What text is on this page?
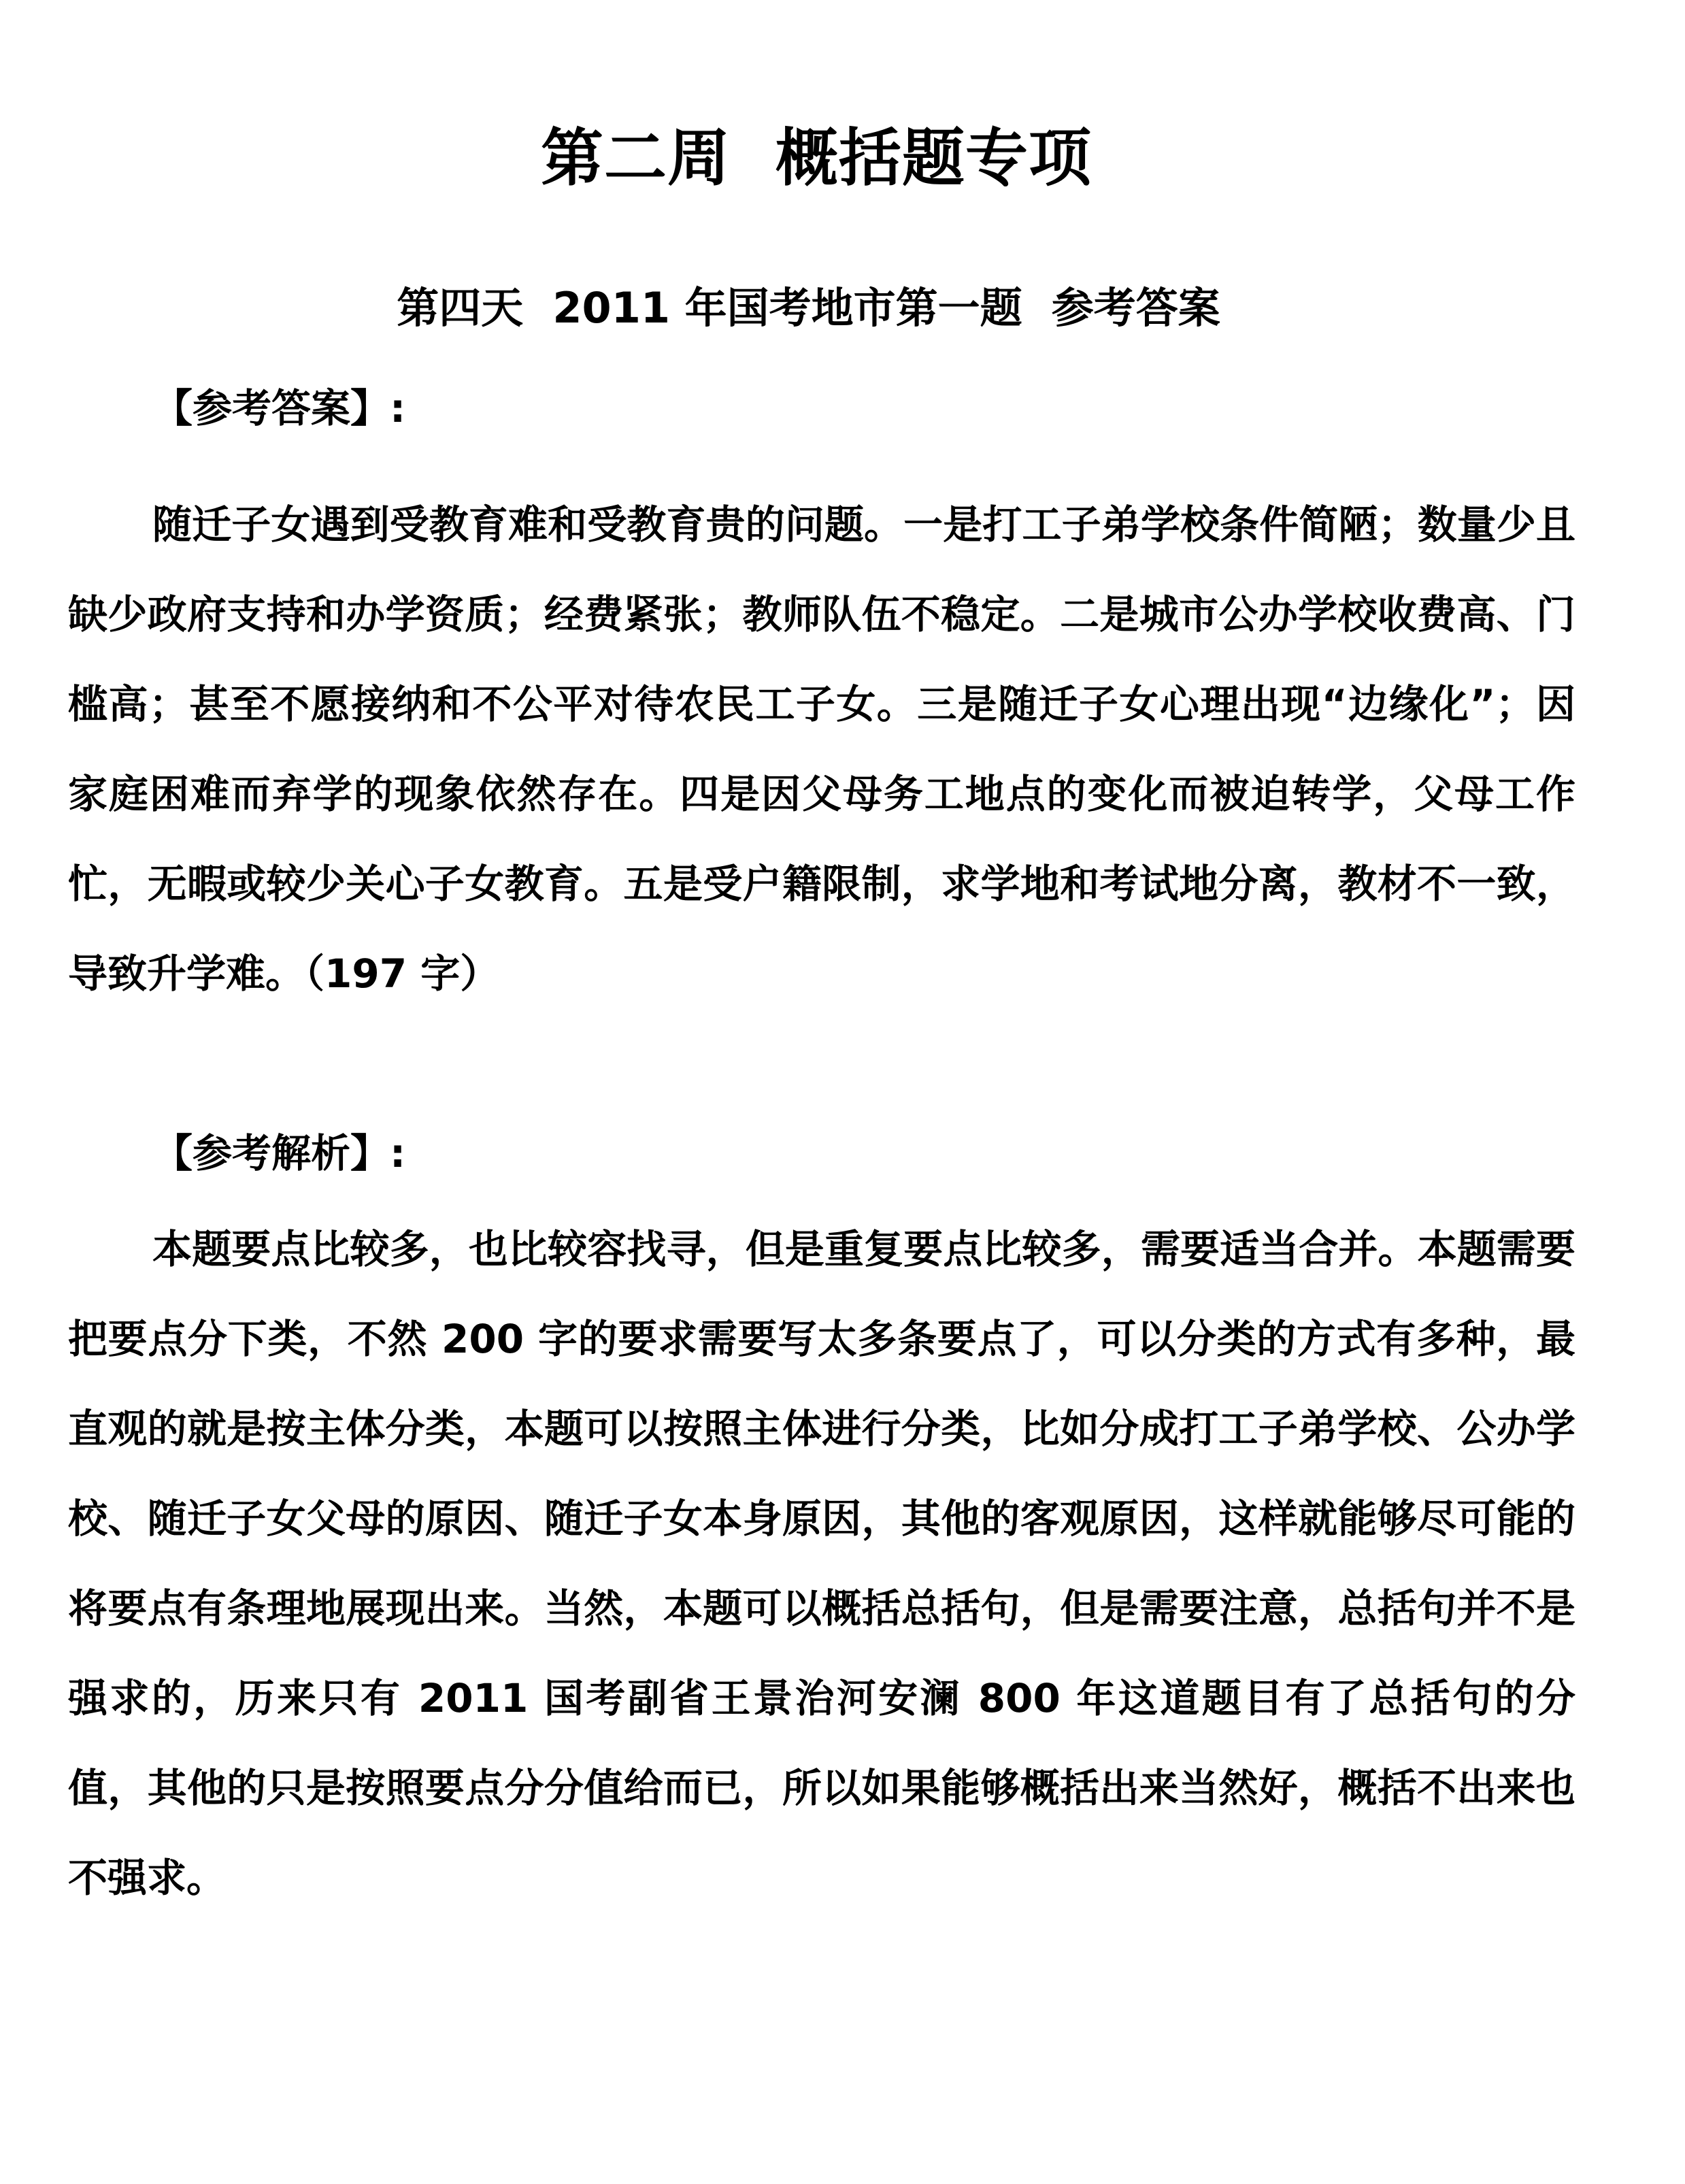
第二周  概括题专项
第四天  2011 年国考地市第一题  参考答案
【参考答案】:

随迁子女遇到受教育难和受教育贵的问题。一是打工子弟学校条件简陋；数量少且缺少政府支持和办学资质；经费紧张；教师队伍不稳定。二是城市公办学校收费高、门槛高；甚至不愿接纳和不公平对待农民工子女。三是随迁子女心理出现“边缘化”；因家庭困难而弃学的现象依然存在。四是因父母务工地点的变化而被迫转学，父母工作忙，无暇或较少关心子女教育。五是受户籍限制，求学地和考试地分离，教材不一致，导致升学难。（197 字）

【参考解析】:

本题要点比较多，也比较容找寻，但是重复要点比较多，需要适当合并。本题需要把要点分下类，不然 200 字的要求需要写太多条要点了，可以分类的方式有多种，最直观的就是按主体分类，本题可以按照主体进行分类，比如分成打工子弟学校、公办学校、随迁子女父母的原因、随迁子女本身原因，其他的客观原因，这样就能够尽可能的将要点有条理地展现出来。当然，本题可以概括总括句，但是需要注意，总括句并不是强求的，历来只有 2011 国考副省王景治河安澜 800 年这道题目有了总括句的分值，其他的只是按照要点分分值给而已，所以如果能够概括出来当然好，概括不出来也不强求。
